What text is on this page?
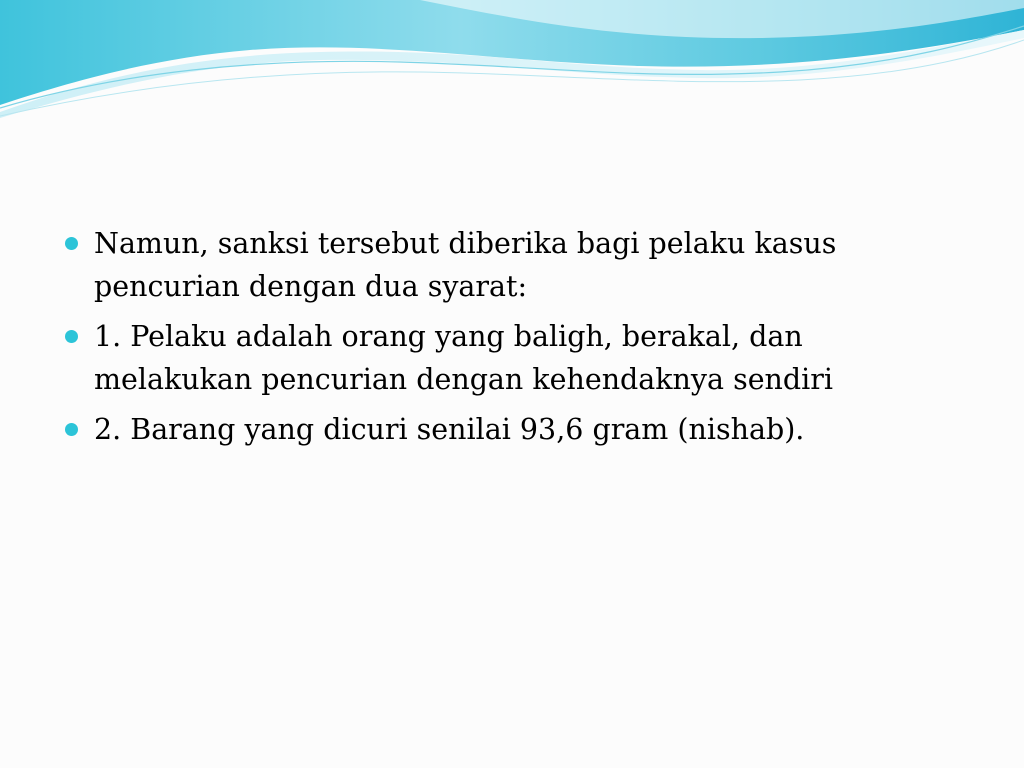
Namun, sanksi tersebut diberika bagi pelaku kasus pencurian dengan dua syarat:
1. Pelaku adalah orang yang baligh, berakal, dan melakukan pencurian dengan kehendaknya sendiri
2. Barang yang dicuri senilai 93,6 gram (nishab).
